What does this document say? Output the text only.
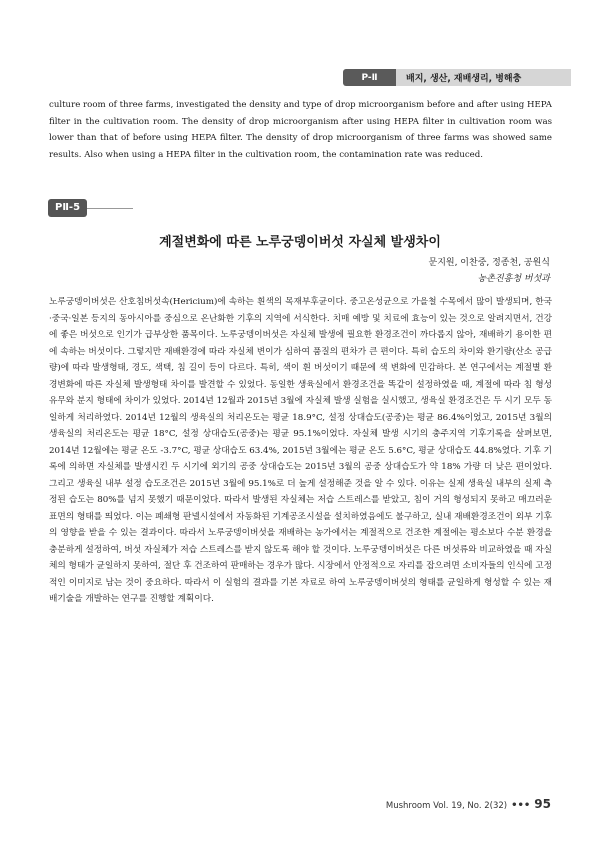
P-Ⅱ	배지, 생산, 재배생리, 병해충

culture room of three farms, investigated the density and type of drop microorganism before and after using HEPA filter in the cultivation room. The density of drop microorganism after using HEPA filter in cultivation room was lower than that of before using HEPA filter. The density of drop microorganism of three farms was showed same results. Also when using a HEPA filter in the cultivation room, the contamination rate was reduced.

PⅡ-5
계절변화에 따른 노루궁뎅이버섯 자실체 발생차이

문지원, 이찬중, 정종천, 공원식

농촌진흥청 버섯과

노루궁뎅이버섯은 산호침버섯속(Hericium)에 속하는 흰색의 목재부후균이다. 중고온성균으로 가을철 수목에서 많이 발생되며, 한국·중국·일본 등지의 동아시아를 중심으로 온난화한 기후의 지역에 서식한다. 치매 예방 및 치료에 효능이 있는 것으로 알려지면서, 건강에 좋은 버섯으로 인기가 급부상한 품목이다. 노루궁뎅이버섯은 자실체 발생에 필요한 환경조건이 까다롭지 않아, 재배하기 용이한 편에 속하는 버섯이다. 그렇지만 재배환경에 따라 자실체 변이가 심하여 품질의 편차가 큰 편이다. 특히 습도의 차이와 환기량(산소 공급량)에 따라 발생형태, 경도, 색택, 침 길이 등이 다르다. 특히, 색이 흰 버섯이기 때문에 색 변화에 민감하다. 본 연구에서는 계절별 환경변화에 따른 자실체 발생형태 차이를 발견할 수 있었다. 동일한 생육실에서 환경조건을 똑같이 설정하였을 때, 계절에 따라 침 형성 유무와 분지 형태에 차이가 있었다. 2014년 12월과 2015년 3월에 자실체 발생 실험을 실시했고, 생육실 환경조건은 두 시기 모두 동일하게 처리하였다. 2014년 12월의 생육실의 처리온도는 평균 18.9°C, 설정 상대습도(공중)는 평균 86.4%이었고, 2015년 3월의 생육실의 처리온도는 평균 18°C, 설정 상대습도(공중)는 평균 95.1%이었다. 자실체 발생 시기의 충주지역 기후기록을 살펴보면, 2014년 12월에는 평균 온도 -3.7°C, 평균 상대습도 63.4%, 2015년 3월에는 평균 온도 5.6°C, 평균 상대습도 44.8%였다. 기후 기록에 의하면 자실체를 발생시킨 두 시기에 외기의 공중 상대습도는 2015년 3월의 공중 상대습도가 약 18% 가량 더 낮은 편이었다. 그리고 생육실 내부 설정 습도조건은 2015년 3월에 95.1%로 더 높게 설정해준 것을 알 수 있다. 이유는 실제 생육실 내부의 실제 측정된 습도는 80%를 넘지 못했기 때문이었다. 따라서 발생된 자실체는 저습 스트레스를 받았고, 침이 거의 형성되지 못하고 매끄러운 표면의 형태를 띄었다. 이는 폐쇄형 판넬시설에서 자동화된 기계공조시설을 설치하였음에도 불구하고, 실내 재배환경조건이 외부 기후의 영향을 받을 수 있는 결과이다. 따라서 노루궁뎅이버섯을 재배하는 농가에서는 계절적으로 건조한 계절에는 평소보다 수분 환경을 충분하게 설정하여, 버섯 자실체가 저습 스트레스를 받지 않도록 해야 할 것이다. 노루궁뎅이버섯은 다른 버섯류와 비교하였을 때 자실체의 형태가 균일하지 못하여, 절단 후 건조하여 판매하는 경우가 많다. 시장에서 안정적으로 자리를 잡으려면 소비자들의 인식에 고정적인 이미지로 남는 것이 중요하다. 따라서 이 실험의 결과를 기본 자료로 하여 노루궁뎅이버섯의 형태를 균일하게 형성할 수 있는 재배기술을 개발하는 연구를 진행할 계획이다.

Mushroom Vol. 19, No. 2(32) ••• 95
